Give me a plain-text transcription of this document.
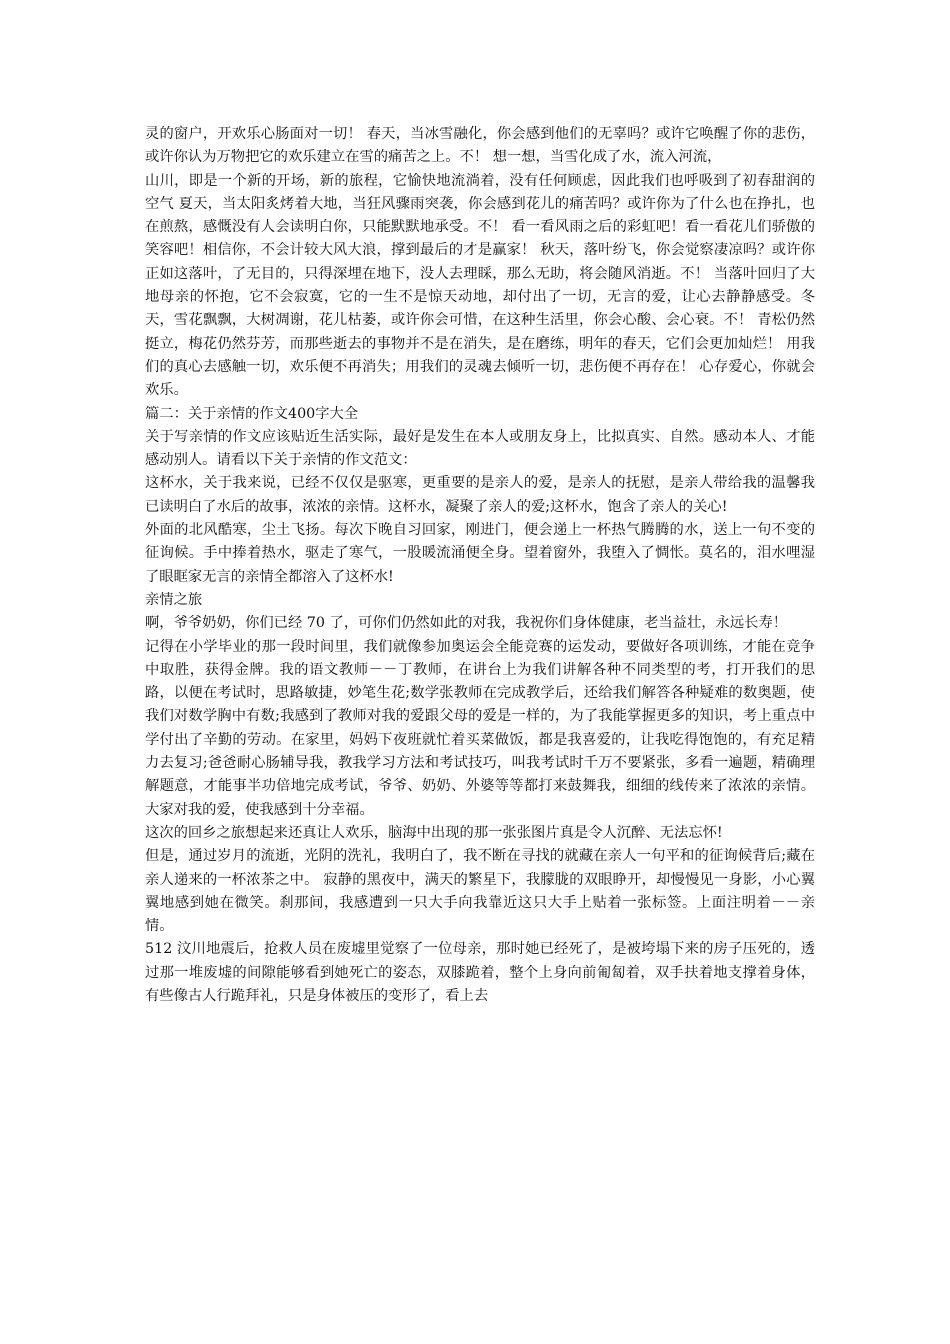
灵的窗户，开欢乐心肠面对一切！ 春天，当冰雪融化，你会感到他们的无辜吗？或许它唤醒了你的悲伤，或许你认为万物把它的欢乐建立在雪的痛苦之上。不！ 想一想，当雪化成了水，流入河流，

山川，即是一个新的开场，新的旅程，它愉快地流淌着，没有任何顾虑，因此我们也呼吸到了初春甜润的空气 夏天，当太阳炙烤着大地，当狂风骤雨突袭，你会感到花儿的痛苦吗？或许你为了什么也在挣扎，也在煎熬，感慨没有人会读明白你，只能默默地承受。不！ 看一看风雨之后的彩虹吧！看一看花儿们骄傲的笑容吧！相信你，不会计较大风大浪，撑到最后的才是赢家！ 秋天，落叶纷飞，你会觉察凄凉吗？或许你正如这落叶，了无目的，只得深埋在地下，没人去理睬，那么无助，将会随风消逝。不！ 当落叶回归了大地母亲的怀抱，它不会寂寞，它的一生不是惊天动地，却付出了一切，无言的爱，让心去静静感受。冬天，雪花飘飘，大树凋谢，花儿枯萎，或许你会可惜，在这种生活里，你会心酸、会心衰。不！ 青松仍然挺立，梅花仍然芬芳，而那些逝去的事物并不是在消失，是在磨练，明年的春天，它们会更加灿烂！ 用我们的真心去感触一切，欢乐便不再消失；用我们的灵魂去倾听一切，悲伤便不再存在！ 心存爱心，你就会欢乐。

篇二：关于亲情的作文400字大全

关于写亲情的作文应该贴近生活实际，最好是发生在本人或朋友身上，比拟真实、自然。感动本人、才能感动别人。请看以下关于亲情的作文范文：

这杯水，关于我来说，已经不仅仅是驱寒，更重要的是亲人的爱，是亲人的抚慰，是亲人带给我的温馨我已读明白了水后的故事，浓浓的亲情。这杯水，凝聚了亲人的爱;这杯水，饱含了亲人的关心!

外面的北风酷寒，尘土飞扬。每次下晚自习回家，刚进门，便会递上一杯热气腾腾的水，送上一句不变的征询候。手中捧着热水，驱走了寒气，一股暖流涌便全身。望着窗外，我堕入了惆怅。莫名的，泪水哩湿了眼眶家无言的亲情全都溶入了这杯水!

亲情之旅

啊，爷爷奶奶，你们已经 70 了，可你们仍然如此的对我，我祝你们身体健康，老当益壮，永远长寿！

记得在小学毕业的那一段时间里，我们就像参加奥运会全能竞赛的运发动，要做好各项训练，才能在竞争中取胜，获得金牌。我的语文教师－－丁教师，在讲台上为我们讲解各种不同类型的考，打开我们的思路，以便在考试时，思路敏捷，妙笔生花;数学张教师在完成教学后，还给我们解答各种疑难的数奥题，使我们对数学胸中有数;我感到了教师对我的爱跟父母的爱是一样的，为了我能掌握更多的知识，考上重点中学付出了辛勤的劳动。在家里，妈妈下夜班就忙着买菜做饭，都是我喜爱的，让我吃得饱饱的，有充足精力去复习;爸爸耐心肠辅导我，教我学习方法和考试技巧，叫我考试时千万不要紧张，多看一遍题，精确理解题意，才能事半功倍地完成考试，爷爷、奶奶、外婆等等都打来鼓舞我，细细的线传来了浓浓的亲情。大家对我的爱，使我感到十分幸福。

这次的回乡之旅想起来还真让人欢乐，脑海中出现的那一张张图片真是令人沉醉、无法忘怀!

但是，通过岁月的流逝，光阴的洗礼，我明白了，我不断在寻找的就藏在亲人一句平和的征询候背后;藏在亲人递来的一杯浓茶之中。 寂静的黑夜中，满天的繁星下，我朦胧的双眼睁开，却慢慢见一身影，小心翼翼地感到她在微笑。刹那间，我感遭到一只大手向我靠近这只大手上贴着一张标签。上面注明着－－亲情。

512 汶川地震后，抢救人员在废墟里觉察了一位母亲，那时她已经死了，是被垮塌下来的房子压死的，透过那一堆废墟的间隙能够看到她死亡的姿态，双膝跪着，整个上身向前匍匐着，双手扶着地支撑着身体，有些像古人行跪拜礼，只是身体被压的变形了，看上去
